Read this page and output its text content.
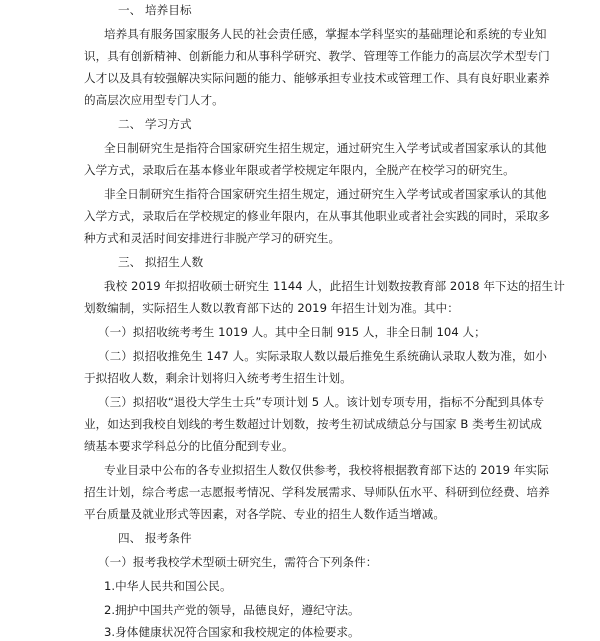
一、 培养目标
培养具有服务国家服务人民的社会责任感，掌握本学科坚实的基础理论和系统的专业知
识，具有创新精神、创新能力和从事科学研究、教学、管理等工作能力的高层次学术型专门
人才以及具有较强解决实际问题的能力、能够承担专业技术或管理工作、具有良好职业素养
的高层次应用型专门人才。
二、 学习方式
全日制研究生是指符合国家研究生招生规定，通过研究生入学考试或者国家承认的其他
入学方式，录取后在基本修业年限或者学校规定年限内，全脱产在校学习的研究生。
非全日制研究生指符合国家研究生招生规定，通过研究生入学考试或者国家承认的其他
入学方式，录取后在学校规定的修业年限内，在从事其他职业或者社会实践的同时，采取多
种方式和灵活时间安排进行非脱产学习的研究生。
三、 拟招生人数
我校 2019 年拟招收硕士研究生 1144 人，此招生计划数按教育部 2018 年下达的招生计
划数编制，实际招生人数以教育部下达的 2019 年招生计划为准。其中：
（一）拟招收统考考生 1019 人。其中全日制 915 人，非全日制 104 人；
（二）拟招收推免生 147 人。实际录取人数以最后推免生系统确认录取人数为准，如小
于拟招收人数，剩余计划将归入统考考生招生计划。
（三）拟招收“退役大学生士兵”专项计划 5 人。该计划专项专用，指标不分配到具体专
业，如达到我校自划线的考生数超过计划数，按考生初试成绩总分与国家 B 类考生初试成
绩基本要求学科总分的比值分配到专业。
专业目录中公布的各专业拟招生人数仅供参考，我校将根据教育部下达的 2019 年实际
招生计划，综合考虑一志愿报考情况、学科发展需求、导师队伍水平、科研到位经费、培养
平台质量及就业形式等因素，对各学院、专业的招生人数作适当增减。
四、 报考条件
（一）报考我校学术型硕士研究生，需符合下列条件：
1.中华人民共和国公民。
2.拥护中国共产党的领导，品德良好，遵纪守法。
3.身体健康状况符合国家和我校规定的体检要求。
